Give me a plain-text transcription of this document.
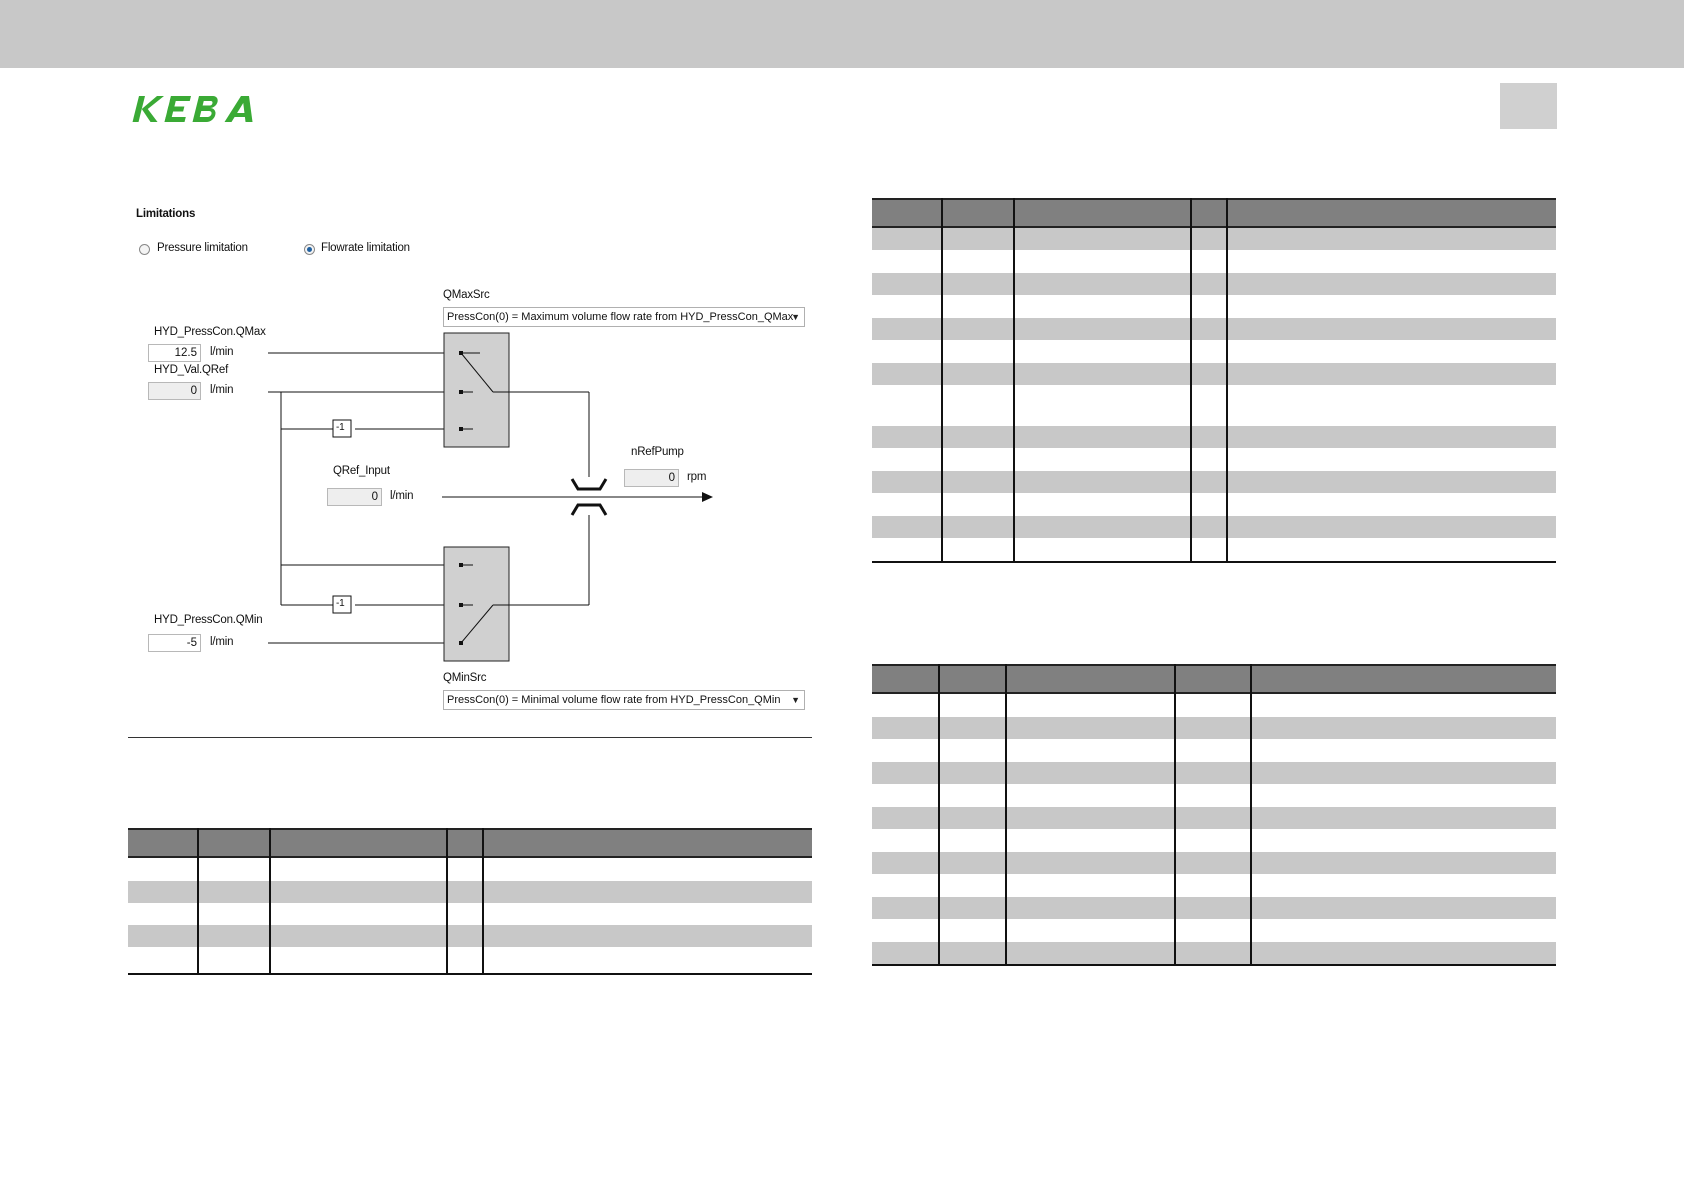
Limitations
Pressure limitation	Flowrate limitation
QMaxSrc
PressCon(0) = Maximum volume flow rate from HYD_PressCon_QMax
▼
HYD_PressCon.QMax
12.5	l/min
HYD_Val.QRef
0	l/min
-1
-1
QRef_Input
0	l/min
nRefPump
0	rpm
HYD_PressCon.QMin
-5	l/min
QMinSrc
PressCon(0) = Minimal volume flow rate from HYD_PressCon_QMin ▼
